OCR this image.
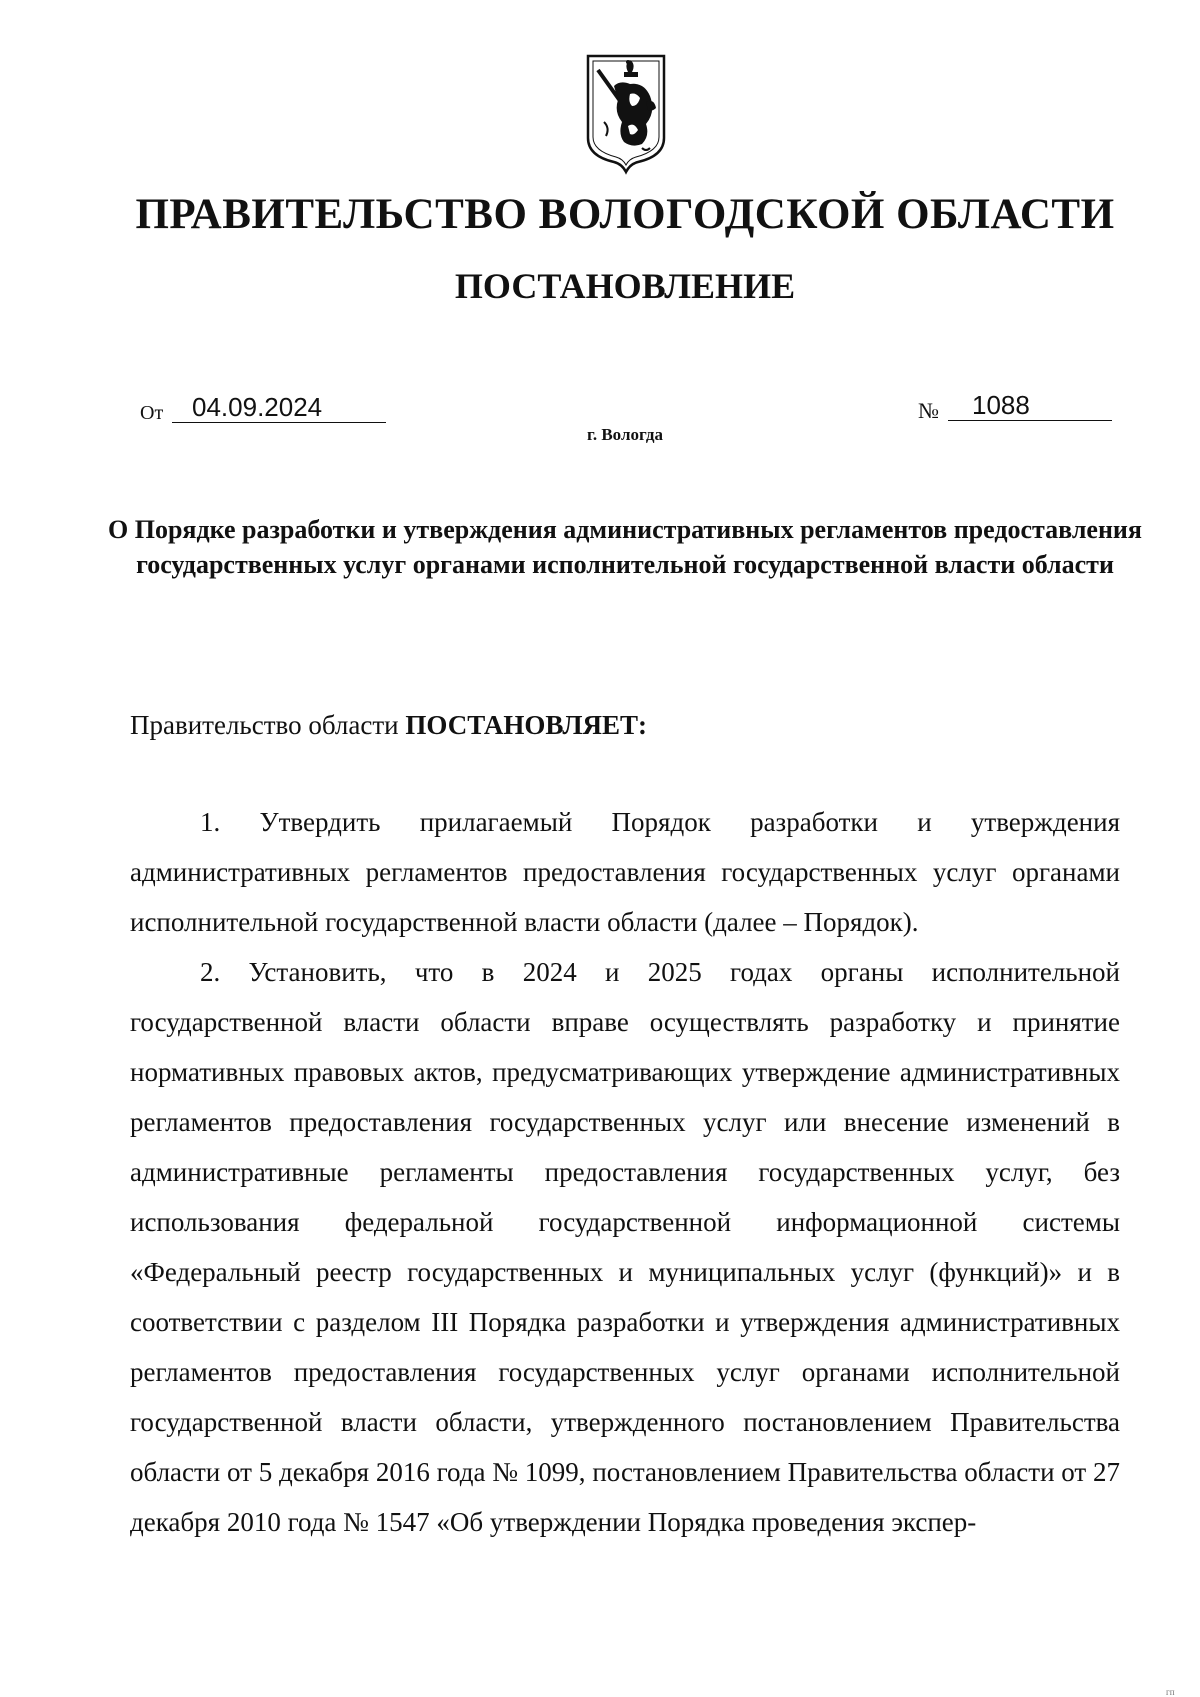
ПРАВИТЕЛЬСТВО ВОЛОГОДСКОЙ ОБЛАСТИ
ПОСТАНОВЛЕНИЕ
От	04.09.2024	№	1088
г. Вологда
О Порядке разработки и утверждения административных регламентов предоставления государственных услуг органами исполнительной государственной власти области
Правительство области ПОСТАНОВЛЯЕТ:

1. Утвердить прилагаемый Порядок разработки и утверждения административных регламентов предоставления государственных услуг органами исполнительной государственной власти области (далее – Порядок).

2. Установить, что в 2024 и 2025 годах органы исполнительной государственной власти области вправе осуществлять разработку и принятие нормативных правовых актов, предусматривающих утверждение административных регламентов предоставления государственных услуг или внесение изменений в административные регламенты предоставления государственных услуг, без использования федеральной государственной информационной системы «Федеральный реестр государственных и муниципальных услуг (функций)» и в соответствии с разделом III Порядка разработки и утверждения административных регламентов предоставления государственных услуг органами исполнительной государственной власти области, утвержденного постановлением Правительства области от 5 декабря 2016 года № 1099, постановлением Правительства области от 27 декабря 2010 года № 1547 «Об утверждении Порядка проведения экспер-

гп
